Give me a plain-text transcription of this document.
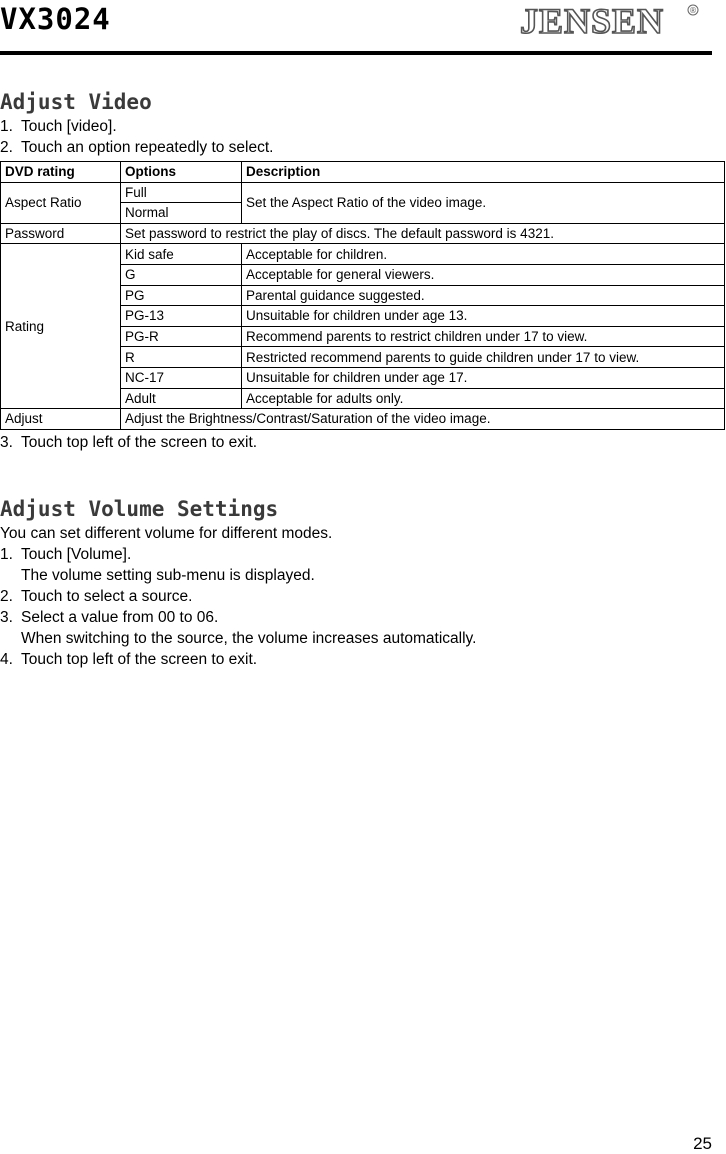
VX3024	JENSEN	®
Adjust Video

1. Touch [video].

2. Touch an option repeatedly to select.

DVD rating	Options	Description
Aspect Ratio	Full	Set the Aspect Ratio of the video image.
	Normal	
Password	Set password to restrict the play of discs. The default password is 4321.	
Rating	Kid safe	Acceptable for children.
	G	Acceptable for general viewers.
	PG	Parental guidance suggested.
	PG-13	Unsuitable for children under age 13.
	PG-R	Recommend parents to restrict children under 17 to view.
	R	Restricted recommend parents to guide children under 17 to view.
	NC-17	Unsuitable for children under age 17.
	Adult	Acceptable for adults only.
Adjust	Adjust the Brightness/Contrast/Saturation of the video image.	

3. Touch top left of the screen to exit.

Adjust Volume Settings

You can set different volume for different modes.

1. Touch [Volume].

The volume setting sub-menu is displayed.

2. Touch to select a source.

3. Select a value from 00 to 06.

When switching to the source, the volume increases automatically.

4. Touch top left of the screen to exit.

25
